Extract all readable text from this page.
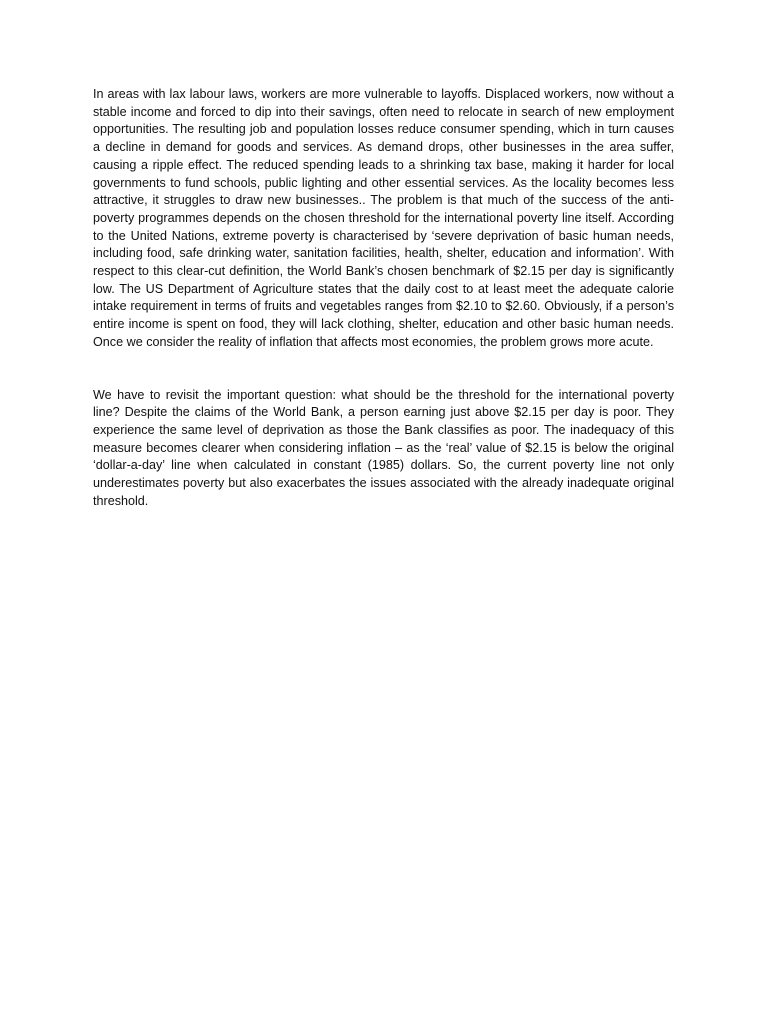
In areas with lax labour laws, workers are more vulnerable to layoffs. Displaced workers, now without a stable income and forced to dip into their savings, often need to relocate in search of new employment opportunities. The resulting job and population losses reduce consumer spending, which in turn causes a decline in demand for goods and services. As demand drops, other businesses in the area suffer, causing a ripple effect. The reduced spending leads to a shrinking tax base, making it harder for local governments to fund schools, public lighting and other essential services. As the locality becomes less attractive, it struggles to draw new businesses.. The problem is that much of the success of the anti-poverty programmes depends on the chosen threshold for the international poverty line itself. According to the United Nations, extreme poverty is characterised by ‘severe deprivation of basic human needs, including food, safe drinking water, sanitation facilities, health, shelter, education and information’. With respect to this clear-cut definition, the World Bank’s chosen benchmark of $2.15 per day is significantly low. The US Department of Agriculture states that the daily cost to at least meet the adequate calorie intake requirement in terms of fruits and vegetables ranges from $2.10 to $2.60. Obviously, if a person’s entire income is spent on food, they will lack clothing, shelter, education and other basic human needs. Once we consider the reality of inflation that affects most economies, the problem grows more acute.

We have to revisit the important question: what should be the threshold for the international poverty line? Despite the claims of the World Bank, a person earning just above $2.15 per day is poor. They experience the same level of deprivation as those the Bank classifies as poor. The inadequacy of this measure becomes clearer when considering inflation – as the ‘real’ value of $2.15 is below the original ‘dollar-a-day’ line when calculated in constant (1985) dollars. So, the current poverty line not only underestimates poverty but also exacerbates the issues associated with the already inadequate original threshold.
